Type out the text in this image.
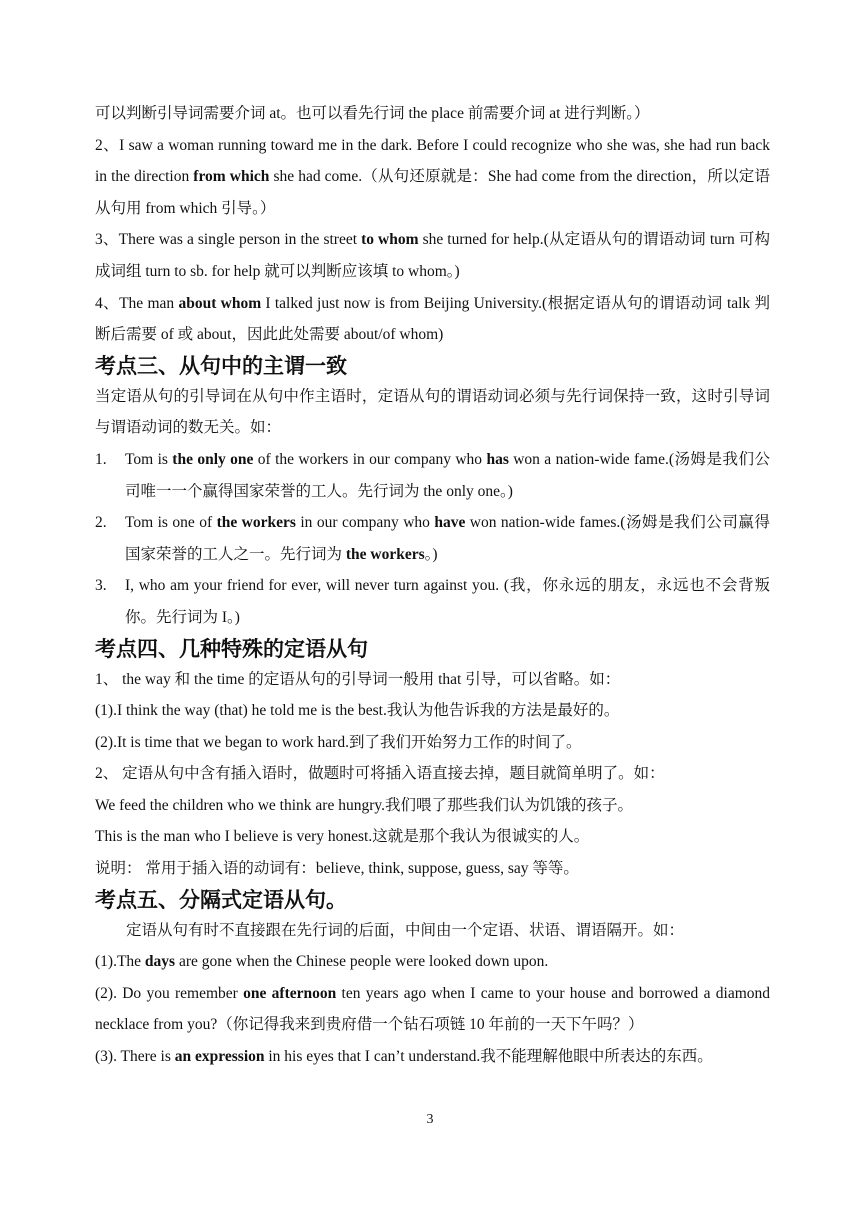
可以判断引导词需要介词 at。也可以看先行词 the place 前需要介词 at 进行判断。）

2、I saw a woman running toward me in the dark. Before I could recognize who she was, she had run back in the direction from which she had come.（从句还原就是：She had come from the direction，所以定语从句用 from which 引导。）

3、There was a single person in the street to whom she turned for help.(从定语从句的谓语动词 turn 可构成词组 turn to sb. for help 就可以判断应该填 to whom。)

4、The man about whom I talked just now is from Beijing University.(根据定语从句的谓语动词 talk 判断后需要 of 或 about，因此此处需要 about/of whom)

考点三、从句中的主谓一致

当定语从句的引导词在从句中作主语时，定语从句的谓语动词必须与先行词保持一致，这时引导词与谓语动词的数无关。如：

1. Tom is the only one of the workers in our company who has won a nation-wide fame.(汤姆是我们公司唯一一个赢得国家荣誉的工人。先行词为 the only one。)

2. Tom is one of the workers in our company who have won nation-wide fames.(汤姆是我们公司赢得国家荣誉的工人之一。先行词为 the workers。)

3. I, who am your friend for ever, will never turn against you. (我，你永远的朋友，永远也不会背叛你。先行词为 I。)

考点四、几种特殊的定语从句

1、 the way 和 the time 的定语从句的引导词一般用 that 引导，可以省略。如：

(1).I think the way (that) he told me is the best.我认为他告诉我的方法是最好的。

(2).It is time that we began to work hard.到了我们开始努力工作的时间了。

2、 定语从句中含有插入语时，做题时可将插入语直接去掉，题目就简单明了。如：

We feed the children who we think are hungry.我们喂了那些我们认为饥饿的孩子。

This is the man who I believe is very honest.这就是那个我认为很诚实的人。

说明： 常用于插入语的动词有：believe, think, suppose, guess, say 等等。

考点五、分隔式定语从句。

定语从句有时不直接跟在先行词的后面，中间由一个定语、状语、谓语隔开。如：

(1).The days are gone when the Chinese people were looked down upon.

(2). Do you remember one afternoon ten years ago when I came to your house and borrowed a diamond necklace from you?（你记得我来到贵府借一个钻石项链 10 年前的一天下午吗？）

(3). There is an expression in his eyes that I can’t understand.我不能理解他眼中所表达的东西。

3
